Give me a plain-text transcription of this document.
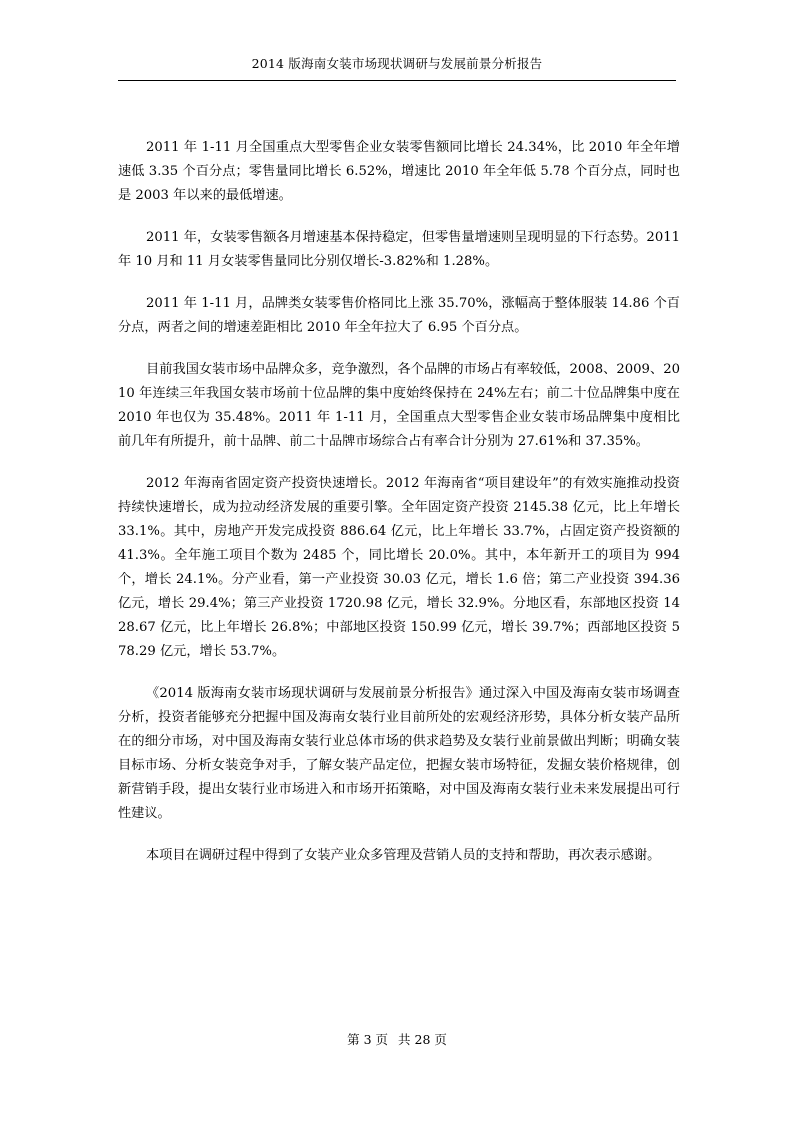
2014 版海南女装市场现状调研与发展前景分析报告

2011 年 1-11 月全国重点大型零售企业女装零售额同比增长 24.34%，比 2010 年全年增速低 3.35 个百分点；零售量同比增长 6.52%，增速比 2010 年全年低 5.78 个百分点，同时也是 2003 年以来的最低增速。

2011 年，女装零售额各月增速基本保持稳定，但零售量增速则呈现明显的下行态势。2011 年 10 月和 11 月女装零售量同比分别仅增长-3.82%和 1.28%。

2011 年 1-11 月，品牌类女装零售价格同比上涨 35.70%，涨幅高于整体服装 14.86 个百分点，两者之间的增速差距相比 2010 年全年拉大了 6.95 个百分点。

目前我国女装市场中品牌众多，竞争激烈，各个品牌的市场占有率较低，2008、2009、2010 年连续三年我国女装市场前十位品牌的集中度始终保持在 24%左右；前二十位品牌集中度在 2010 年也仅为 35.48%。2011 年 1-11 月，全国重点大型零售企业女装市场品牌集中度相比前几年有所提升，前十品牌、前二十品牌市场综合占有率合计分别为 27.61%和 37.35%。

2012 年海南省固定资产投资快速增长。2012 年海南省“项目建设年”的有效实施推动投资持续快速增长，成为拉动经济发展的重要引擎。全年固定资产投资 2145.38 亿元，比上年增长 33.1%。其中，房地产开发完成投资 886.64 亿元，比上年增长 33.7%，占固定资产投资额的 41.3%。全年施工项目个数为 2485 个，同比增长 20.0%。其中，本年新开工的项目为 994 个，增长 24.1%。分产业看，第一产业投资 30.03 亿元，增长 1.6 倍；第二产业投资 394.36 亿元，增长 29.4%；第三产业投资 1720.98 亿元，增长 32.9%。分地区看，东部地区投资 1428.67 亿元，比上年增长 26.8%；中部地区投资 150.99 亿元，增长 39.7%；西部地区投资 578.29 亿元，增长 53.7%。

《2014 版海南女装市场现状调研与发展前景分析报告》通过深入中国及海南女装市场调查分析，投资者能够充分把握中国及海南女装行业目前所处的宏观经济形势，具体分析女装产品所在的细分市场，对中国及海南女装行业总体市场的供求趋势及女装行业前景做出判断；明确女装目标市场、分析女装竞争对手，了解女装产品定位，把握女装市场特征，发掘女装价格规律，创新营销手段，提出女装行业市场进入和市场开拓策略，对中国及海南女装行业未来发展提出可行性建议。

本项目在调研过程中得到了女装产业众多管理及营销人员的支持和帮助，再次表示感谢。

第 3 页 共 28 页
